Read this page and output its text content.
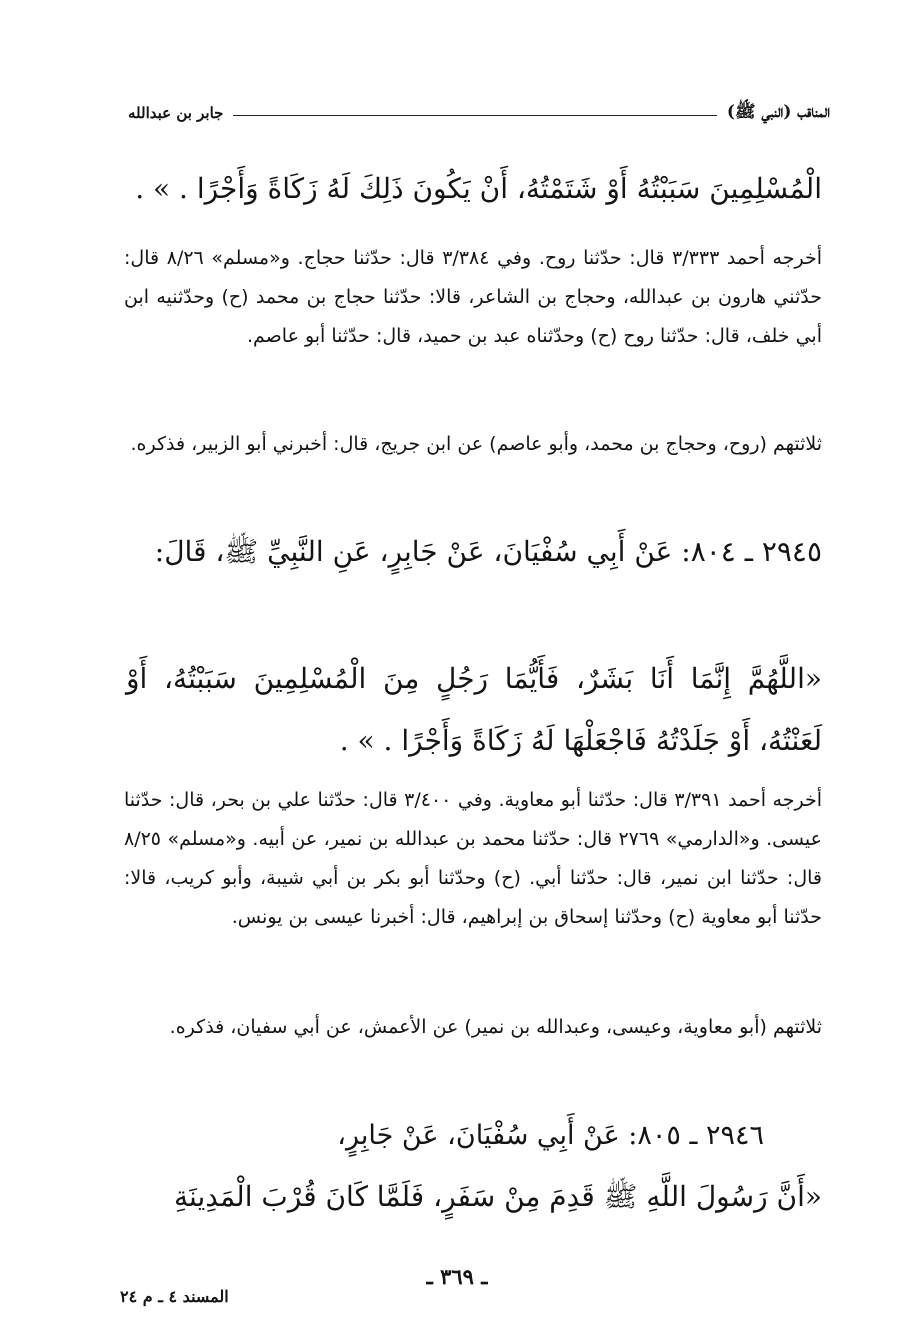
المناقب (النبي ﷺ)
جابر بن عبدالله
الْمُسْلِمِينَ سَبَبْتُهُ أَوْ شَتَمْتُهُ، أَنْ يَكُونَ ذَلِكَ لَهُ زَكَاةً وَأَجْرًا . » .
أخرجه أحمد ٣/٣٣٣ قال: حدّثنا روح. وفي ٣/٣٨٤ قال: حدّثنا حجاج. و«مسلم» ٨/٢٦ قال: حدّثني هارون بن عبدالله، وحجاج بن الشاعر، قالا: حدّثنا حجاج بن محمد (ح) وحدّثنيه ابن أبي خلف، قال: حدّثنا روح (ح) وحدّثناه عبد بن حميد، قال: حدّثنا أبو عاصم.
ثلاثتهم (روح، وحجاج بن محمد، وأبو عاصم) عن ابن جريج، قال: أخبرني أبو الزبير، فذكره.
٢٩٤٥ ـ ٨٠٤: عَنْ أَبِي سُفْيَانَ، عَنْ جَابِرٍ، عَنِ النَّبِيِّ ﷺ، قَالَ:
«اللَّهُمَّ إِنَّمَا أَنَا بَشَرٌ، فَأَيُّمَا رَجُلٍ مِنَ الْمُسْلِمِينَ سَبَبْتُهُ، أَوْ لَعَنْتُهُ، أَوْ جَلَدْتُهُ فَاجْعَلْهَا لَهُ زَكَاةً وَأَجْرًا . » .
أخرجه أحمد ٣/٣٩١ قال: حدّثنا أبو معاوية. وفي ٣/٤٠٠ قال: حدّثنا علي بن بحر، قال: حدّثنا عيسى. و«الدارمي» ٢٧٦٩ قال: حدّثنا محمد بن عبدالله بن نمير، عن أبيه. و«مسلم» ٨/٢٥ قال: حدّثنا ابن نمير، قال: حدّثنا أبي. (ح) وحدّثنا أبو بكر بن أبي شيبة، وأبو كريب، قالا: حدّثنا أبو معاوية (ح) وحدّثنا إسحاق بن إبراهيم، قال: أخبرنا عيسى بن يونس.
ثلاثتهم (أبو معاوية، وعيسى، وعبدالله بن نمير) عن الأعمش، عن أبي سفيان، فذكره.
٢٩٤٦ ـ ٨٠٥: عَنْ أَبِي سُفْيَانَ، عَنْ جَابِرٍ،
«أَنَّ رَسُولَ اللَّهِ ﷺ قَدِمَ مِنْ سَفَرٍ، فَلَمَّا كَانَ قُرْبَ الْمَدِينَةِ
ـ ٣٦٩ ـ
المسند ٤ ـ م ٢٤
